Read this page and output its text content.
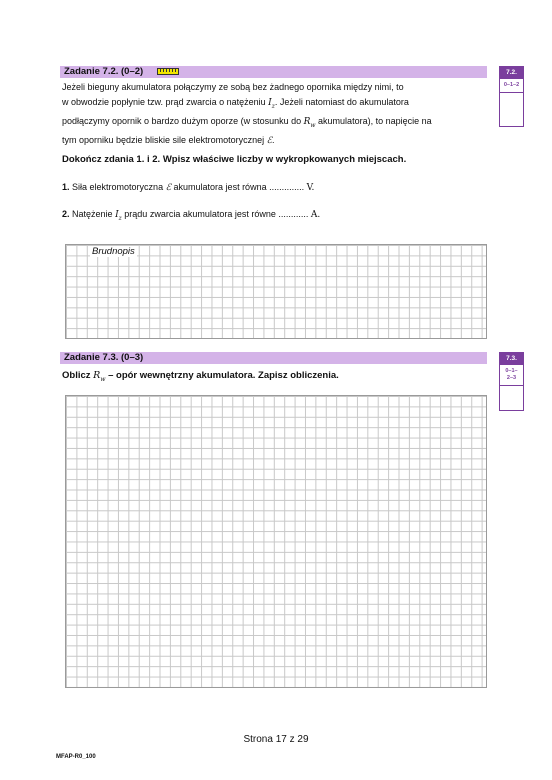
Zadanie 7.2. (0–2)	7.2.
0–1–2
Jeżeli bieguny akumulatora połączymy ze sobą bez żadnego opornika między nimi, to
w obwodzie popłynie tzw. prąd zwarcia o natężeniu $I_z$. Jeżeli natomiast do akumulatora
podłączymy opornik o bardzo dużym oporze (w stosunku do $R_w$ akumulatora), to napięcie na
tym oporniku będzie bliskie sile elektromotorycznej ℰ.
Dokończ zdania 1. i 2. Wpisz właściwe liczby w wykropkowanych miejscach.
1. Siła elektromotoryczna ℰ akumulatora jest równa .............. V.
2. Natężenie $I_z$ prądu zwarcia akumulatora jest równe ............ A.
Brudnopis
Zadanie 7.3. (0–3)	7.3.
0–1–
2–3
Oblicz $R_w$ – opór wewnętrzny akumulatora. Zapisz obliczenia.
Strona 17 z 29
MFAP-R0_100
